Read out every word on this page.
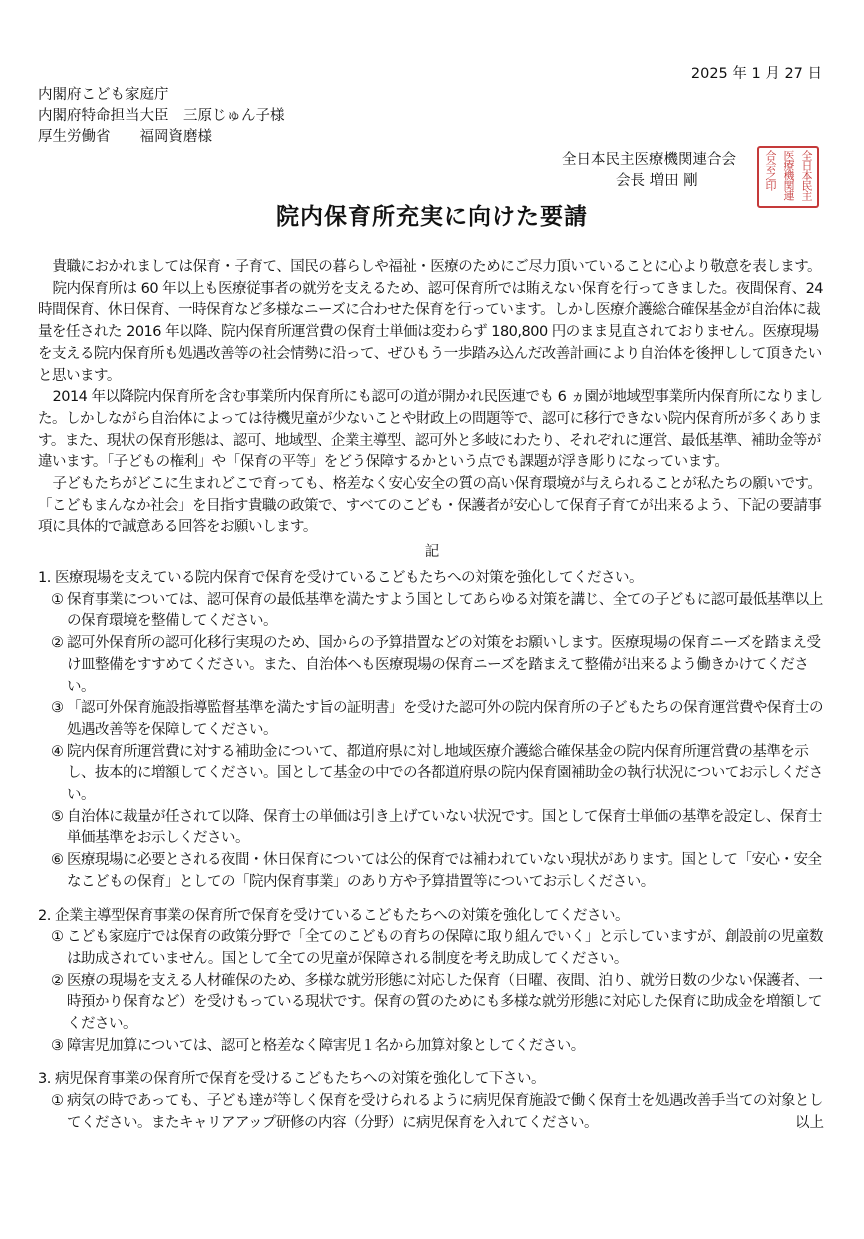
2025 年 1 月 27 日
内閣府こども家庭庁
内閣府特命担当大臣　三原じゅん子様
厚生労働省　　福岡資磨様
全日本民主医療機関連合会
会長 増田 剛	全日本民主
医療機関連
合会之印
院内保育所充実に向けた要請

貴職におかれましては保育・子育て、国民の暮らしや福祉・医療のためにご尽力頂いていることに心より敬意を表します。

院内保育所は 60 年以上も医療従事者の就労を支えるため、認可保育所では賄えない保育を行ってきました。夜間保育、24 時間保育、休日保育、一時保育など多様なニーズに合わせた保育を行っています。しかし医療介護総合確保基金が自治体に裁量を任された 2016 年以降、院内保育所運営費の保育士単価は変わらず 180,800 円のまま見直されておりません。医療現場を支える院内保育所も処遇改善等の社会情勢に沿って、ぜひもう一歩踏み込んだ改善計画により自治体を後押しして頂きたいと思います。

2014 年以降院内保育所を含む事業所内保育所にも認可の道が開かれ民医連でも 6 ヵ園が地域型事業所内保育所になりました。しかしながら自治体によっては待機児童が少ないことや財政上の問題等で、認可に移行できない院内保育所が多くあります。また、現状の保育形態は、認可、地域型、企業主導型、認可外と多岐にわたり、それぞれに運営、最低基準、補助金等が違います。「子どもの権利」や「保育の平等」をどう保障するかという点でも課題が浮き彫りになっています。

子どもたちがどこに生まれどこで育っても、格差なく安心安全の質の高い保育環境が与えられることが私たちの願いです。

「こどもまんなか社会」を目指す貴職の政策で、すべてのこども・保護者が安心して保育子育てが出来るよう、下記の要請事項に具体的で誠意ある回答をお願いします。

記

1. 医療現場を支えている院内保育で保育を受けているこどもたちへの対策を強化してください。

① 保育事業については、認可保育の最低基準を満たすよう国としてあらゆる対策を講じ、全ての子どもに認可最低基準以上の保育環境を整備してください。
② 認可外保育所の認可化移行実現のため、国からの予算措置などの対策をお願いします。医療現場の保育ニーズを踏まえ受け皿整備をすすめてください。また、自治体へも医療現場の保育ニーズを踏まえて整備が出来るよう働きかけてください。
③ 「認可外保育施設指導監督基準を満たす旨の証明書」を受けた認可外の院内保育所の子どもたちの保育運営費や保育士の処遇改善等を保障してください。
④ 院内保育所運営費に対する補助金について、都道府県に対し地域医療介護総合確保基金の院内保育所運営費の基準を示し、抜本的に増額してください。国として基金の中での各都道府県の院内保育園補助金の執行状況についてお示しください。
⑤ 自治体に裁量が任されて以降、保育士の単価は引き上げていない状況です。国として保育士単価の基準を設定し、保育士単価基準をお示しください。
⑥ 医療現場に必要とされる夜間・休日保育については公的保育では補われていない現状があります。国として「安心・安全なこどもの保育」としての「院内保育事業」のあり方や予算措置等についてお示しください。

2. 企業主導型保育事業の保育所で保育を受けているこどもたちへの対策を強化してください。

① こども家庭庁では保育の政策分野で「全てのこどもの育ちの保障に取り組んでいく」と示していますが、創設前の児童数は助成されていません。国として全ての児童が保障される制度を考え助成してください。
② 医療の現場を支える人材確保のため、多様な就労形態に対応した保育（日曜、夜間、泊り、就労日数の少ない保護者、一時預かり保育など）を受けもっている現状です。保育の質のためにも多様な就労形態に対応した保育に助成金を増額してください。
③ 障害児加算については、認可と格差なく障害児１名から加算対象としてください。

3. 病児保育事業の保育所で保育を受けるこどもたちへの対策を強化して下さい。

① 病気の時であっても、子ども達が等しく保育を受けられるように病児保育施設で働く保育士を処遇改善手当ての対象としてください。またキャリアアップ研修の内容（分野）に病児保育を入れてください。	以上
